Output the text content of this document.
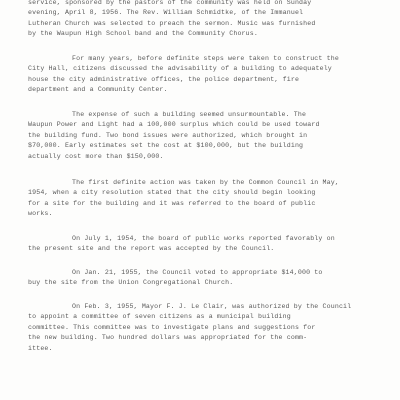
service, sponsored by the pastors of the community was held on Sunday
evening, April 8, 1956. The Rev. William Schmidtke, of the Immanuel
Lutheran Church was selected to preach the sermon. Music was furnished
by the Waupun High School band and the Community Chorus.
For many years, before definite steps were taken to construct the
City Hall, citizens discussed the advisability of a building to adequately
house the city administrative offices, the police department, fire
department and a Community Center.
The expense of such a building seemed unsurmountable. The
Waupun Power and Light had a 100,000 surplus which could be used toward
the building fund. Two bond issues were authorized, which brought in
$70,000. Early estimates set the cost at $100,000, but the building
actually cost more than $150,000.
The first definite action was taken by the Common Council in May,
1954, when a city resolution stated that the city should begin looking
for a site for the building and it was referred to the board of public
works.
On July 1, 1954, the board of public works reported favorably on
the present site and the report was accepted by the Council.
On Jan. 21, 1955, the Council voted to appropriate $14,000 to
buy the site from the Union Congregational Church.
On Feb. 3, 1955, Mayor F. J. Le Clair, was authorized by the Council
to appoint a committee of seven citizens as a municipal building
committee. This committee was to investigate plans and suggestions for
the new building. Two hundred dollars was appropriated for the comm-
ittee.
